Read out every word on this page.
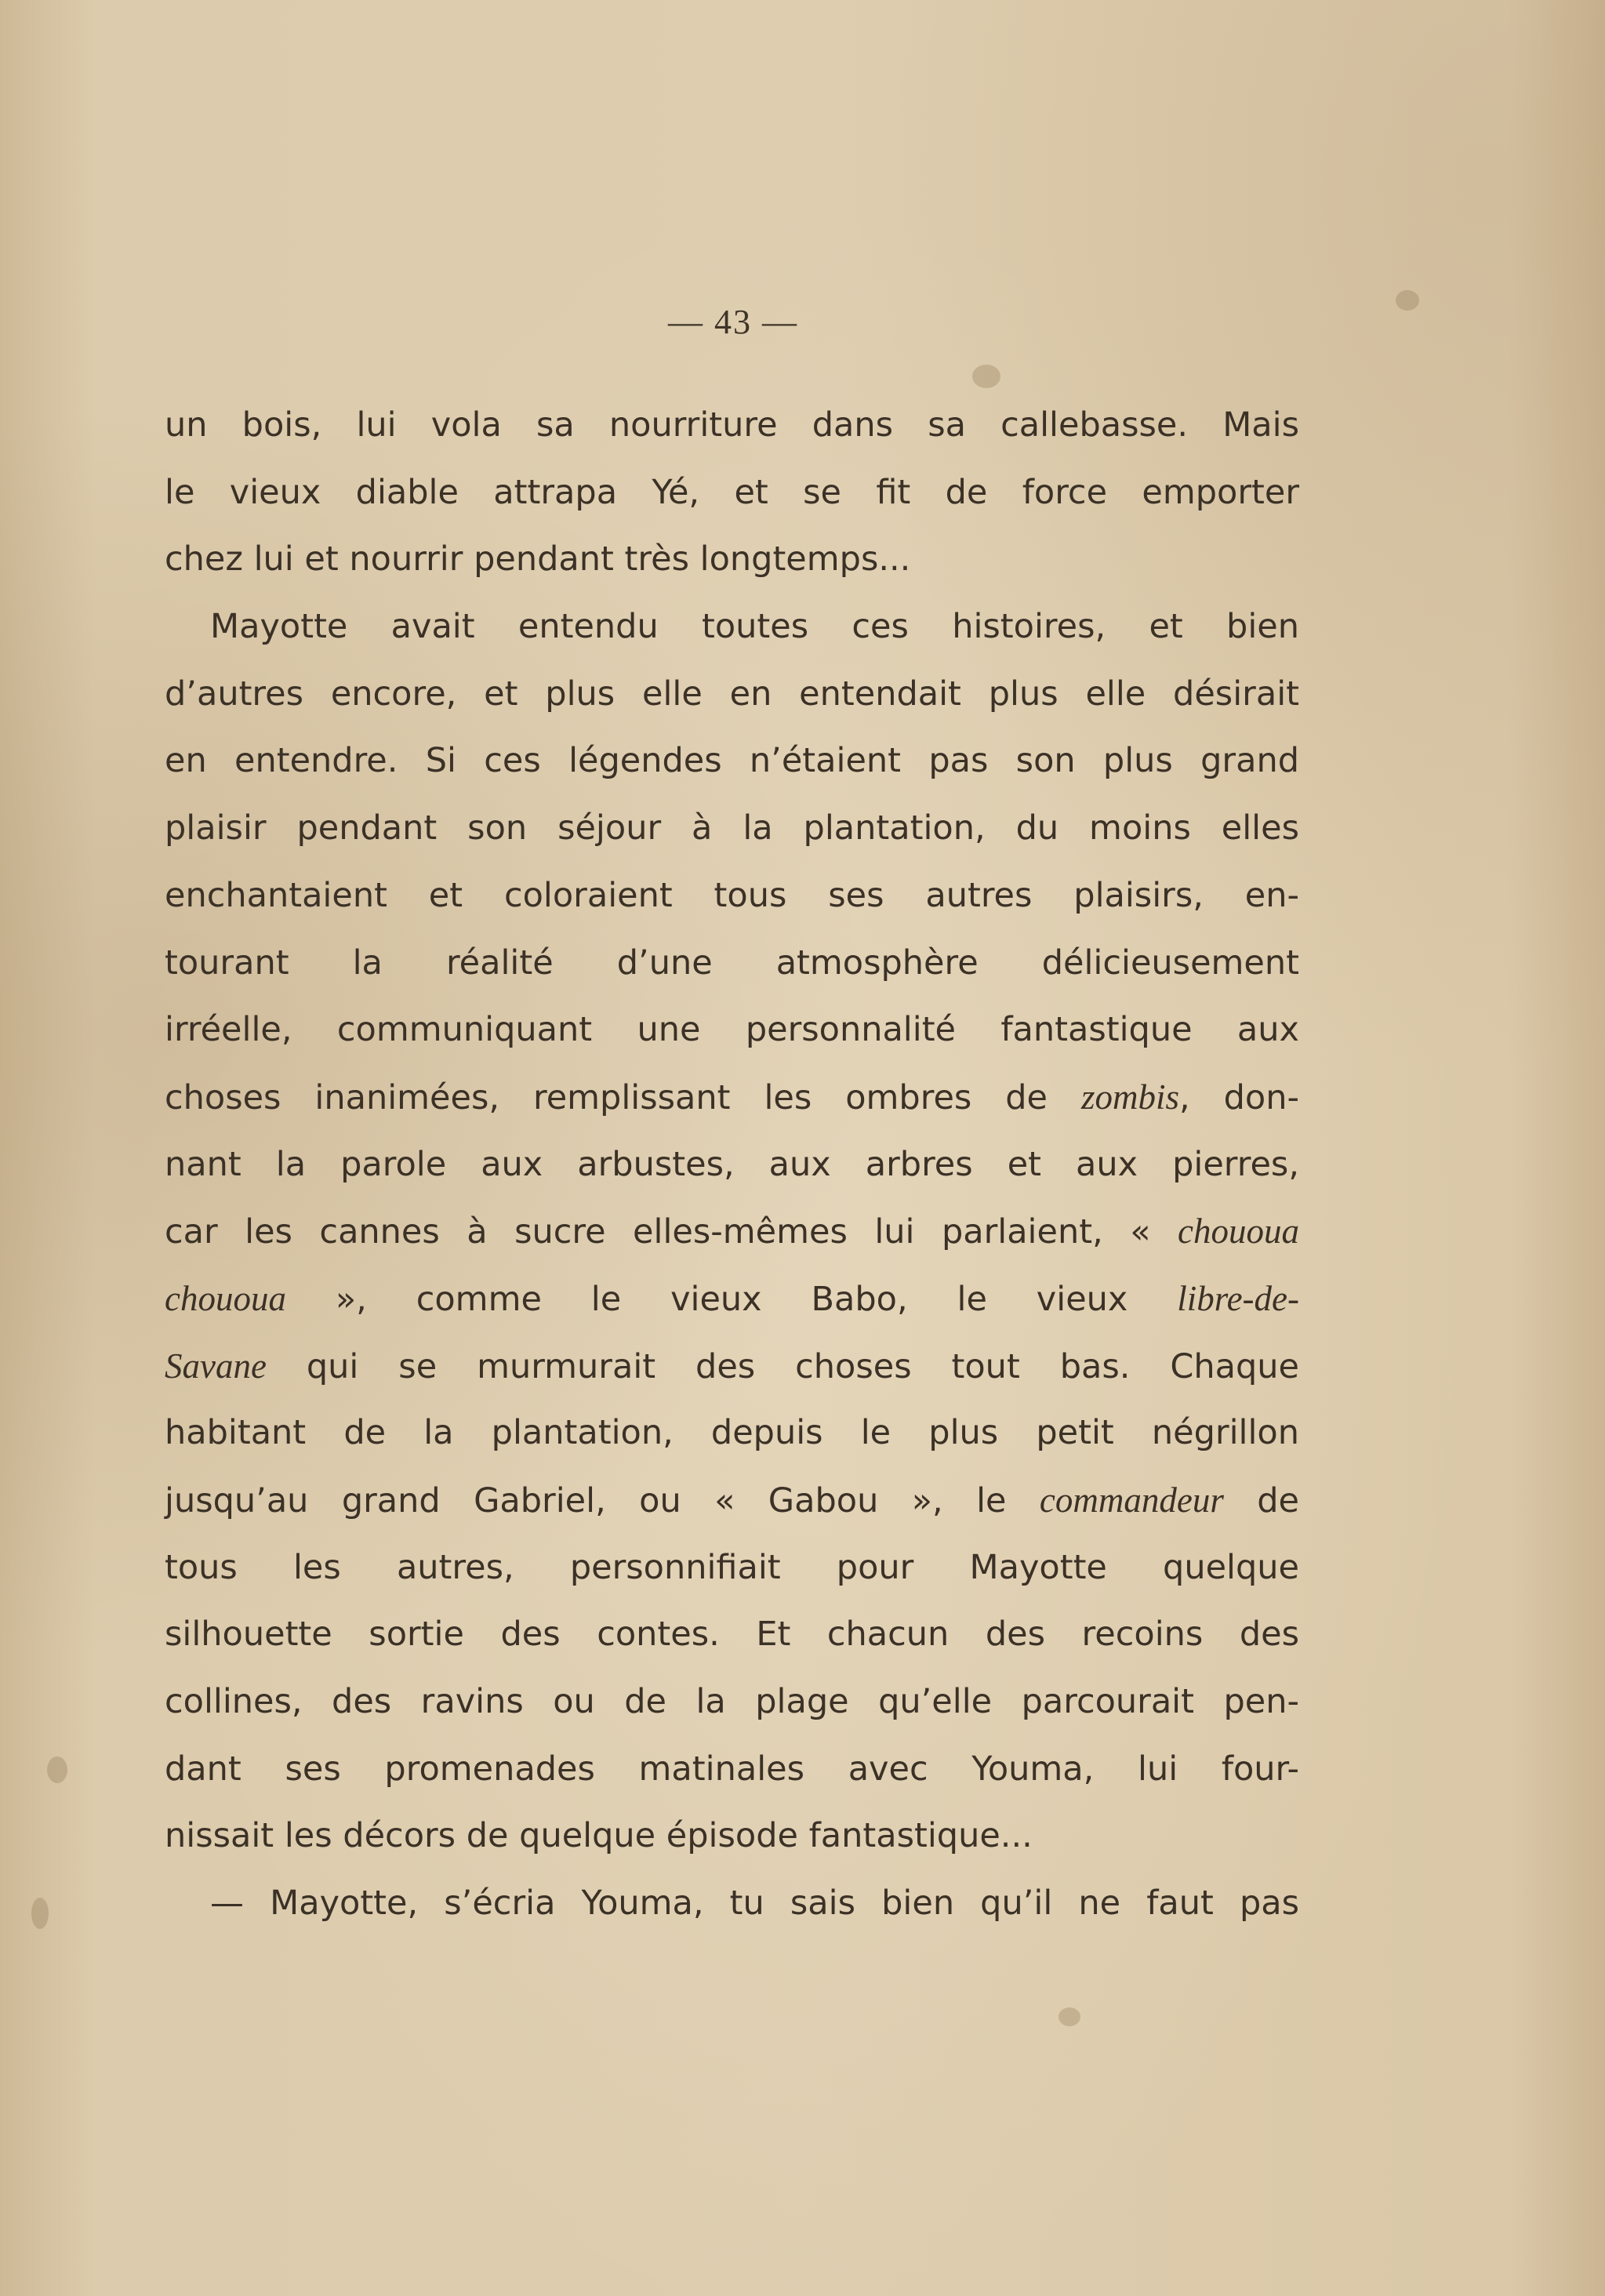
— 43 —
un bois, lui vola sa nourriture dans sa callebasse. Mais
le vieux diable attrapa Yé, et se fit de force emporter
chez lui et nourrir pendant très longtemps...
Mayotte avait entendu toutes ces histoires, et bien
d’autres encore, et plus elle en entendait plus elle désirait
en entendre. Si ces légendes n’étaient pas son plus grand
plaisir pendant son séjour à la plantation, du moins elles
enchantaient et coloraient tous ses autres plaisirs, en-
tourant la réalité d’une atmosphère délicieusement
irréelle, communiquant une personnalité fantastique aux
choses inanimées, remplissant les ombres de zombis, don-
nant la parole aux arbustes, aux arbres et aux pierres,
car les cannes à sucre elles-mêmes lui parlaient, « chououa
chououa », comme le vieux Babo, le vieux libre-de-
Savane qui se murmurait des choses tout bas. Chaque
habitant de la plantation, depuis le plus petit négrillon
jusqu’au grand Gabriel, ou « Gabou », le commandeur de
tous les autres, personnifiait pour Mayotte quelque
silhouette sortie des contes. Et chacun des recoins des
collines, des ravins ou de la plage qu’elle parcourait pen-
dant ses promenades matinales avec Youma, lui four-
nissait les décors de quelque épisode fantastique...
— Mayotte, s’écria Youma, tu sais bien qu’il ne faut pas
